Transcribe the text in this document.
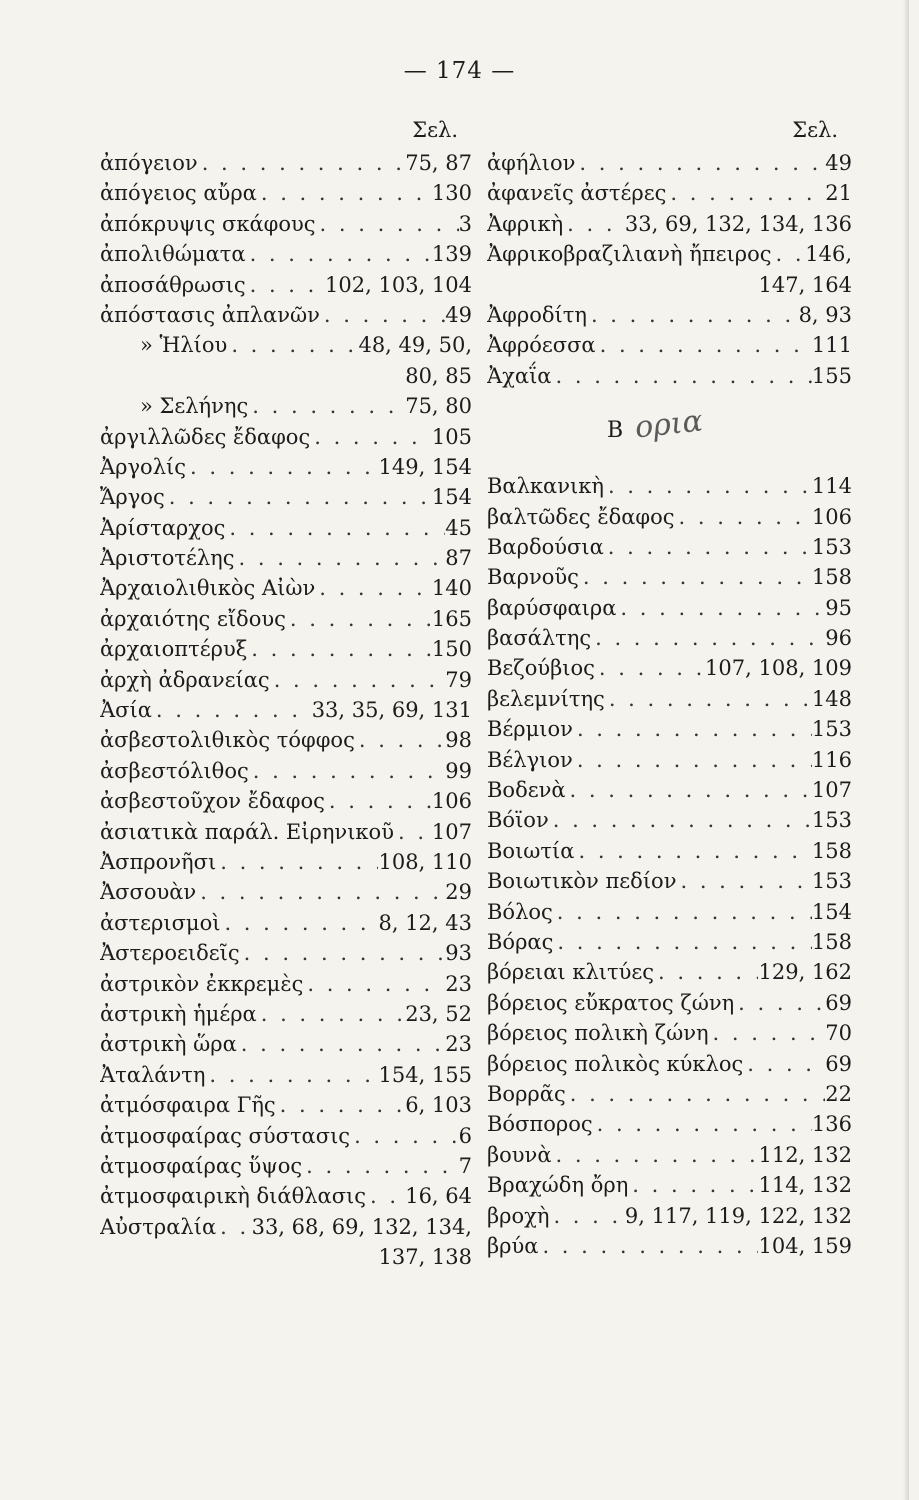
— 174 —
Σελ.
ἀπόγειον . . .	75, 87
ἀπόγειος αὔρα . . .	130
ἀπόκρυψις σκάφους . . .	3
ἀπολιθώματα . . .	139
ἀποσάθρωσις . . .	102, 103, 104
ἀπόστασις ἀπλανῶν . . .	49
» Ἡλίου . . .	48, 49, 50,
80, 85
» Σελήνης . . .	75, 80
ἀργιλλῶδες ἔδαφος . . .	105
Ἀργολίς . . .	149, 154
Ἄργος . . .	154
Ἀρίσταρχος . . .	45
Ἀριστοτέλης . . .	87
Ἀρχαιολιθικὸς Αἰὼν . . .	140
ἀρχαιότης εἴδους . . .	165
ἀρχαιοπτέρυξ . . .	150
ἀρχὴ ἀδρανείας . . .	79
Ἀσία . . .	33, 35, 69, 131
ἀσβεστολιθικὸς τόφφος . . .	98
ἀσβεστόλιθος . . .	99
ἀσβεστοῦχον ἔδαφος . . .	106
ἀσιατικὰ παράλ. Εἰρηνικοῦ . . . 107
Ἀσπρονῆσι . . .	108, 110
Ἀσσουὰν . . .	29
ἀστερισμοὶ . . .	8, 12, 43
Ἀστεροειδεῖς . . .	93
ἀστρικὸν ἐκκρεμὲς . . .	23
ἀστρικὴ ἡμέρα . . .	23, 52
ἀστρικὴ ὥρα . . .	23
Ἀταλάντη . . .	154, 155
ἀτμόσφαιρα Γῆς . . .	6, 103
ἀτμοσφαίρας σύστασις . . .	6
ἀτμοσφαίρας ὕψος . . .	7
ἀτμοσφαιρικὴ διάθλασις . . . 16, 64
Αὐστραλία . . . 33, 68, 69, 132, 134,
137, 138
Σελ.
ἀφήλιον . . .	49
ἀφανεῖς ἀστέρες . . .	21
Ἀφρικὴ . . .	33, 69, 132, 134, 136
Ἀφρικοβραζιλιανὴ ἤπειρος . . . 146,
147, 164
Ἀφροδίτη . . .	8, 93
Ἀφρόεσσα . . .	111
Ἀχαΐα . . .	155
Β ορια
Βαλκανικὴ . . .	114
βαλτῶδες ἔδαφος . . .	106
Βαρδούσια . . .	153
Βαρνοῦς . . .	158
βαρύσφαιρα . . .	95
βασάλτης . . .	96
Βεζούβιος . . .	107, 108, 109
βελεμνίτης . . .	148
Βέρμιον . . .	153
Βέλγιον . . .	116
Βοδενὰ . . .	107
Βόϊον . . .	153
Βοιωτία . . .	158
Βοιωτικὸν πεδίον . . .	153
Βόλος . . .	154
Βόρας . . .	158
βόρειαι κλιτύες . . .	129, 162
βόρειος εὔκρατος ζώνη . . .	69
βόρειος πολικὴ ζώνη . . .	70
βόρειος πολικὸς κύκλος . . .	69
Βορρᾶς . . .	22
Βόσπορος . . .	136
βουνὰ . . .	112, 132
Βραχώδη ὄρη . . .	114, 132
βροχὴ . . .	9, 117, 119, 122, 132
βρύα . . .	104, 159
